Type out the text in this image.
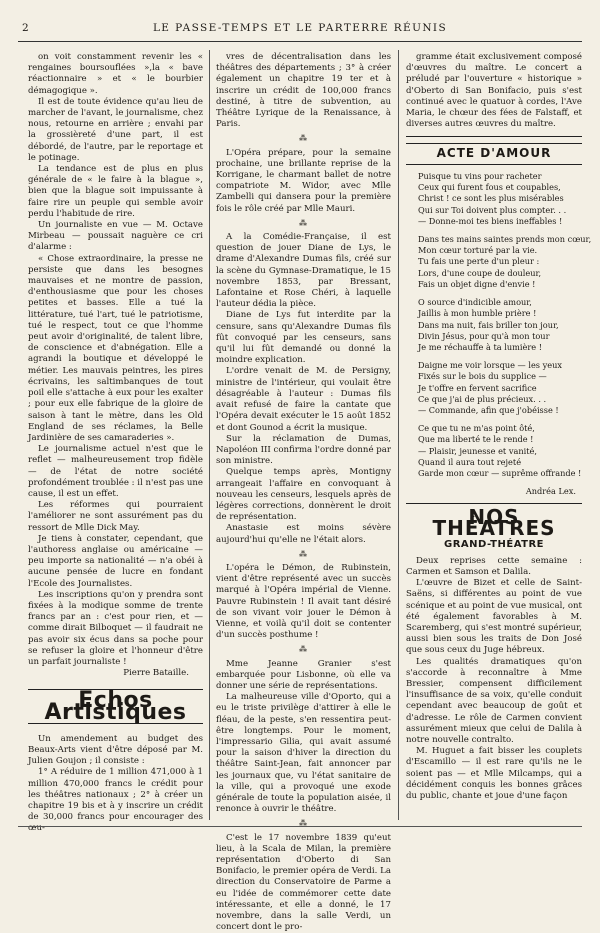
2	LE PASSE-TEMPS ET LE PARTERRE RÉUNIS

on voit constamment revenir les « rengaines boursouflées »,la « bave réactionnaire » et « le bourbier démagogique ».

Il est de toute évidence qu'au lieu de marcher de l'avant, le journalisme, chez nous, retourne en arrière ; envahi par la grossièreté d'une part, il est débordé, de l'autre, par le reportage et le potinage.

La tendance est de plus en plus générale de « le faire à la blague », bien que la blague soit impuissante à faire rire un peuple qui semble avoir perdu l'habitude de rire.

Un journaliste en vue — M. Octave Mirbeau — poussait naguère ce cri d'alarme :

« Chose extraordinaire, la presse ne persiste que dans les besognes mauvaises et ne montre de passion, d'enthousiasme que pour les choses petites et basses. Elle a tué la littérature, tué l'art, tué le patriotisme, tué le respect, tout ce que l'homme peut avoir d'originalité, de talent libre, de conscience et d'abnégation. Elle a agrandi la boutique et développé le métier. Les mauvais peintres, les pires écrivains, les saltimbanques de tout poil elle s'attache à eux pour les exalter ; pour eux elle fabrique de la gloire de saison à tant le mètre, dans les Old England de ses réclames, la Belle Jardinière de ses camaraderies ».

Le journalisme actuel n'est que le reflet — malheureusement trop fidèle — de l'état de notre société profondément troublée : il n'est pas une cause, il est un effet.

Les réformes qui pourraient l'améliorer ne sont assurément pas du ressort de Mlle Dick May.

Je tiens à constater, cependant, que l'authoress anglaise ou américaine — peu importe sa nationalité — n'a obéi à aucune pensée de lucre en fondant l'Ecole des Journalistes.

Les inscriptions qu'on y prendra sont fixées à la modique somme de trente francs par an : c'est pour rien, et — comme dirait Bilboquet — il faudrait ne pas avoir six écus dans sa poche pour se refuser la gloire et l'honneur d'être un parfait journaliste !

Pierre Bataille.

Echos Artistiques

Un amendement au budget des Beaux-Arts vient d'être déposé par M. Julien Goujon ; il consiste :

1° A réduire de 1 million 471,000 à 1 million 470,000 francs le crédit pour les théâtres nationaux ; 2° à créer un chapitre 19 bis et à y inscrire un crédit de 30,000 francs pour encourager des œu-

vres de décentralisation dans les théâtres des départements ; 3° à créer également un chapitre 19 ter et à inscrire un crédit de 100,000 francs destiné, à titre de subvention, au Théâtre Lyrique de la Renaissance, à Paris.

⁂

L'Opéra prépare, pour la semaine prochaine, une brillante reprise de la Korrigane, le charmant ballet de notre compatriote M. Widor, avec Mlle Zambelli qui dansera pour la première fois le rôle créé par Mlle Mauri.

⁂

A la Comédie-Française, il est question de jouer Diane de Lys, le drame d'Alexandre Dumas fils, créé sur la scène du Gymnase-Dramatique, le 15 novembre 1853, par Bressant, Lafontaine et Rose Chéri, à laquelle l'auteur dédia la pièce.

Diane de Lys fut interdite par la censure, sans qu'Alexandre Dumas fils fût convoqué par les censeurs, sans qu'il lui fût demandé ou donné la moindre explication.

L'ordre venait de M. de Persigny, ministre de l'intérieur, qui voulait être désagréable à l'auteur : Dumas fils avait refusé de faire la cantate que l'Opéra devait exécuter le 15 août 1852 et dont Gounod a écrit la musique.

Sur la réclamation de Dumas, Napoléon III confirma l'ordre donné par son ministre.

Quelque temps après, Montigny arrangeait l'affaire en convoquant à nouveau les censeurs, lesquels après de légères corrections, donnèrent le droit de représentation.

Anastasie est moins sévère aujourd'hui qu'elle ne l'était alors.

⁂

L'opéra le Démon, de Rubinstein, vient d'être représenté avec un succès marqué à l'Opéra impérial de Vienne. Pauvre Rubinstein ! Il avait tant désiré de son vivant voir jouer le Démon à Vienne, et voilà qu'il doit se contenter d'un succès posthume !

⁂

Mme Jeanne Granier s'est embarquée pour Lisbonne, où elle va donner une série de représentations.

La malheureuse ville d'Oporto, qui a eu le triste privilège d'attirer à elle le fléau, de la peste, s'en ressentira peut-être longtemps. Pour le moment, l'impressario Gilia, qui avait assumé pour la saison d'hiver la direction du théâtre Saint-Jean, fait annoncer par les journaux que, vu l'état sanitaire de la ville, qui a provoqué une exode générale de toute la population aisée, il renonce à ouvrir le théâtre.

⁂

C'est le 17 novembre 1839 qu'eut lieu, à la Scala de Milan, la première représentation d'Oberto di San Bonifacio, le premier opéra de Verdi. La direction du Conservatoire de Parme a eu l'idée de commémorer cette date intéressante, et elle a donné, le 17 novembre, dans la salle Verdi, un concert dont le pro-

gramme était exclusivement composé d'œuvres du maître. Le concert a préludé par l'ouverture « historique » d'Oberto di San Bonifacio, puis s'est continué avec le quatuor à cordes, l'Ave Maria, le chœur des fées de Falstaff, et diverses autres œuvres du maître.

ACTE D'AMOUR
Puisque tu vins pour racheter
Ceux qui furent fous et coupables,
Christ ! ce sont les plus misérables
Qui sur Toi doivent plus compter. . .
— Donne-moi tes biens ineffables !
Dans tes mains saintes prends mon cœur,
Mon cœur torturé par la vie.
Tu fais une perte d'un pleur :
Lors, d'une coupe de douleur,
Fais un objet digne d'envie !
O source d'indicible amour,
Jaillis à mon humble prière !
Dans ma nuit, fais briller ton jour,
Divin Jésus, pour qu'à mon tour
Je me réchauffe à ta lumière !
Daigne me voir lorsque — les yeux
Fixés sur le bois du supplice —
Je t'offre en fervent sacrifice
Ce que j'ai de plus précieux. . .
— Commande, afin que j'obéisse !
Ce que tu ne m'as point ôté,
Que ma liberté te le rende !
— Plaisir, jeunesse et vanité,
Quand il aura tout rejeté
Garde mon cœur — suprême offrande !
Andréa Lex.
NOS THÉATRES
GRAND-THÉATRE

Deux reprises cette semaine : Carmen et Samson et Dalila.

L'œuvre de Bizet et celle de Saint-Saëns, si différentes au point de vue scénique et au point de vue musical, ont été également favorables à M. Scaremberg, qui s'est montré supérieur, aussi bien sous les traits de Don José que sous ceux du Juge hébreux.

Les qualités dramatiques qu'on s'accorde à reconnaître à Mme Bressier, compensent difficilement l'insuffisance de sa voix, qu'elle conduit cependant avec beaucoup de goût et d'adresse. Le rôle de Carmen convient assurément mieux que celui de Dalila à notre nouvelle contralto.

M. Huguet a fait bisser les couplets d'Escamillo — il est rare qu'ils ne le soient pas — et Mlle Milcamps, qui a décidément conquis les bonnes grâces du public, chante et joue d'une façon
